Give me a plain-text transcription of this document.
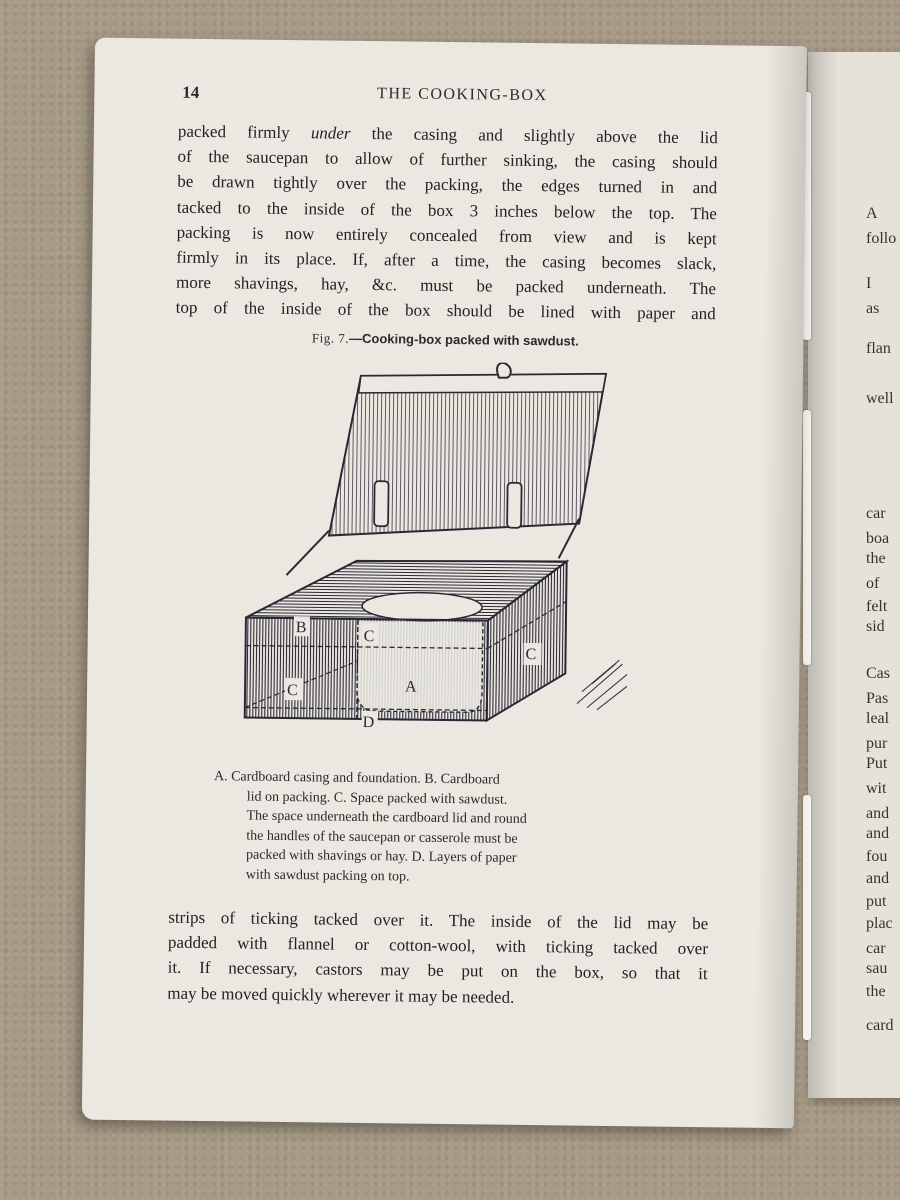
A
follo
I
as
flan
well
car
boa
the
of
felt
sid
Cas
Pas
leal
pur
Put
wit
and
and
fou
and
put
plac
car
sau
the
card
14	THE COOKING-BOX

packed firmly under the casing and slightly above the lid
of the saucepan to allow of further sinking, the casing should
be drawn tightly over the packing, the edges turned in and
tacked to the inside of the box 3 inches below the top. The
packing is now entirely concealed from view and is kept
firmly in its place. If, after a time, the casing becomes slack,
more shavings, hay, &c. must be packed underneath. The
top of the inside of the box should be lined with paper and

Fig. 7.—Cooking-box packed with sawdust.
B
C
C
C
A
D
A. Cardboard casing and foundation. B. Cardboard
lid on packing. C. Space packed with sawdust.
The space underneath the cardboard lid and round
the handles of the saucepan or casserole must be
packed with shavings or hay. D. Layers of paper
with sawdust packing on top.

strips of ticking tacked over it. The inside of the lid may be
padded with flannel or cotton-wool, with ticking tacked over
it. If necessary, castors may be put on the box, so that it
may be moved quickly wherever it may be needed.
